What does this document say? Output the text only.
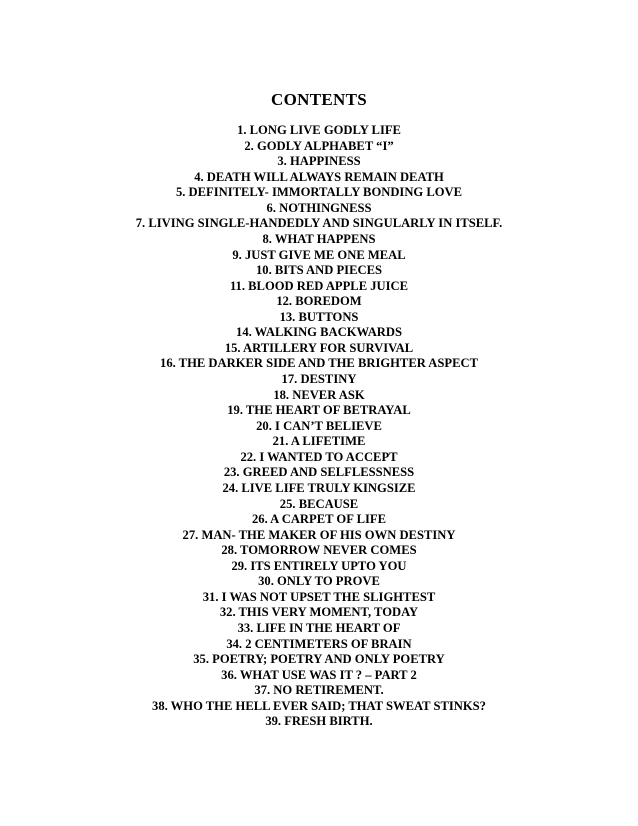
CONTENTS
1. LONG LIVE GODLY LIFE
2. GODLY ALPHABET “I”
3. HAPPINESS
4. DEATH WILL ALWAYS REMAIN DEATH
5. DEFINITELY- IMMORTALLY BONDING LOVE
6. NOTHINGNESS
7. LIVING SINGLE-HANDEDLY AND SINGULARLY IN ITSELF.
8. WHAT HAPPENS
9. JUST GIVE ME ONE MEAL
10. BITS AND PIECES
11. BLOOD RED APPLE JUICE
12. BOREDOM
13. BUTTONS
14. WALKING BACKWARDS
15. ARTILLERY FOR SURVIVAL
16. THE DARKER SIDE AND THE BRIGHTER ASPECT
17. DESTINY
18. NEVER ASK
19. THE HEART OF BETRAYAL
20. I CAN’T BELIEVE
21. A LIFETIME
22. I WANTED TO ACCEPT
23. GREED AND SELFLESSNESS
24. LIVE LIFE TRULY KINGSIZE
25. BECAUSE
26. A CARPET OF LIFE
27. MAN- THE MAKER OF HIS OWN DESTINY
28. TOMORROW NEVER COMES
29. ITS ENTIRELY UPTO YOU
30. ONLY TO PROVE
31. I WAS NOT UPSET THE SLIGHTEST
32. THIS VERY MOMENT, TODAY
33. LIFE IN THE HEART OF
34. 2 CENTIMETERS OF BRAIN
35. POETRY; POETRY AND ONLY POETRY
36. WHAT USE WAS IT ? – PART 2
37. NO RETIREMENT.
38. WHO THE HELL EVER SAID; THAT SWEAT STINKS?
39. FRESH BIRTH.
